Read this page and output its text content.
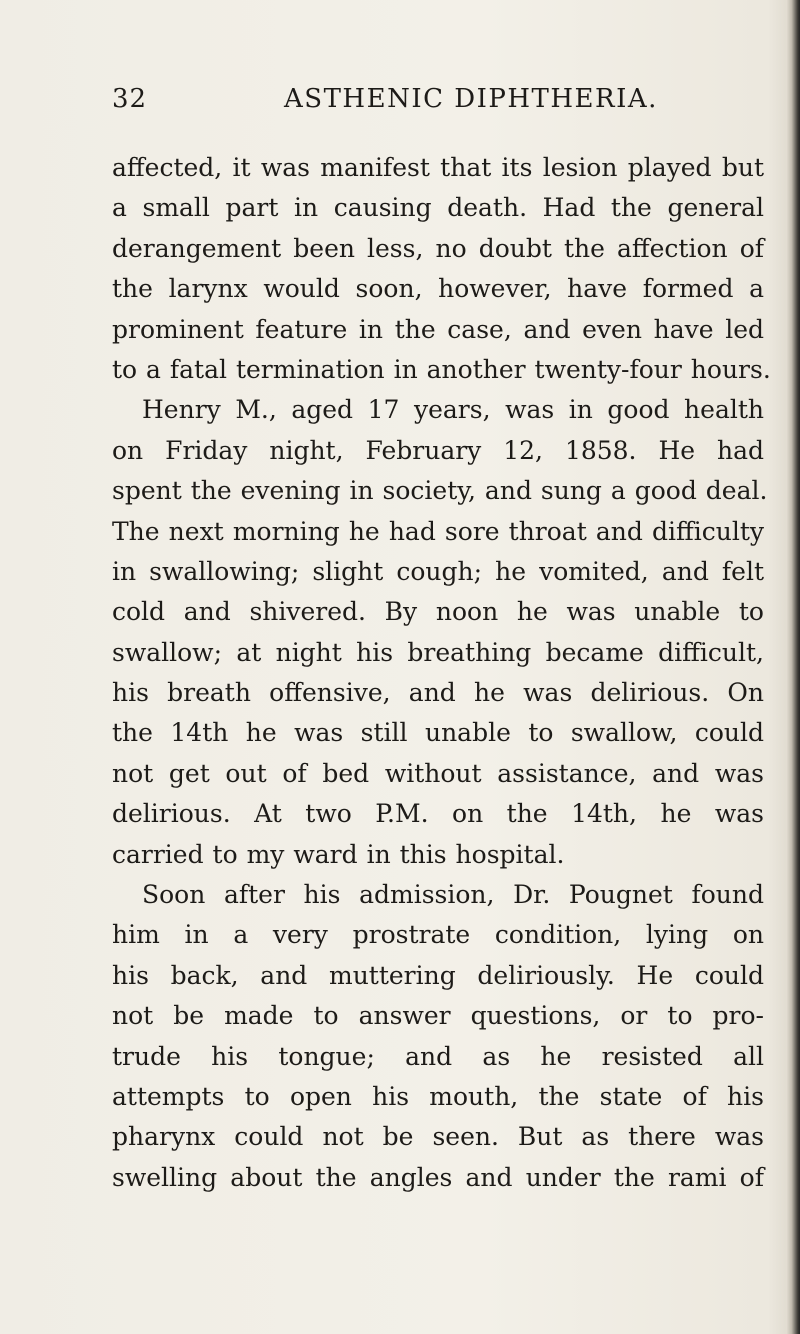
32	ASTHENIC DIPHTHERIA.
affected, it was manifest that its lesion played but
a small part in causing death. Had the general
derangement been less, no doubt the affection of
the larynx would soon, however, have formed a
prominent feature in the case, and even have led
to a fatal termination in another twenty-four hours.
Henry M., aged 17 years, was in good health
on Friday night, February 12, 1858. He had
spent the evening in society, and sung a good deal.
The next morning he had sore throat and difficulty
in swallowing; slight cough; he vomited, and felt
cold and shivered. By noon he was unable to
swallow; at night his breathing became difficult,
his breath offensive, and he was delirious. On
the 14th he was still unable to swallow, could
not get out of bed without assistance, and was
delirious. At two P.M. on the 14th, he was
carried to my ward in this hospital.
Soon after his admission, Dr. Pougnet found
him in a very prostrate condition, lying on
his back, and muttering deliriously. He could
not be made to answer questions, or to pro-
trude his tongue; and as he resisted all
attempts to open his mouth, the state of his
pharynx could not be seen. But as there was
swelling about the angles and under the rami of
